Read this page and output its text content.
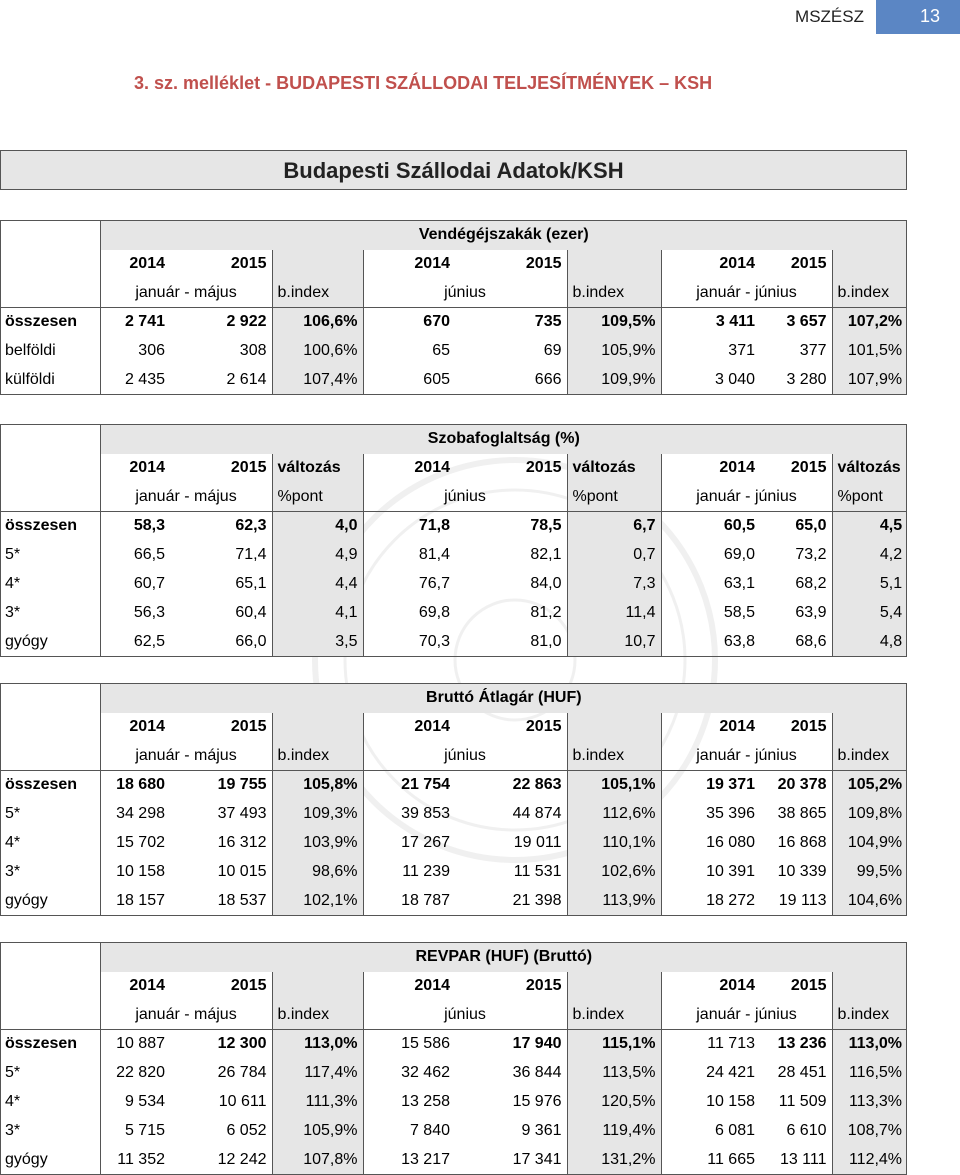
MSZÉSZ	13
3. sz. melléklet - BUDAPESTI SZÁLLODAI TELJESÍTMÉNYEK – KSH
Budapesti Szállodai Adatok/KSH
	Vendégéjszakák (ezer)								
	2014	2015		2014	2015		2014	2015	
	január - május		b.index	június		b.index	január - június		b.index
összesen	2 741	2 922	106,6%	670	735	109,5%	3 411	3 657	107,2%
belföldi	306	308	100,6%	65	69	105,9%	371	377	101,5%
külföldi	2 435	2 614	107,4%	605	666	109,9%	3 040	3 280	107,9%
	Szobafoglaltság (%)								
	2014	2015	változás	2014	2015	változás	2014	2015	változás
	január - május		%pont	június		%pont	január - június		%pont
összesen	58,3	62,3	4,0	71,8	78,5	6,7	60,5	65,0	4,5
5*	66,5	71,4	4,9	81,4	82,1	0,7	69,0	73,2	4,2
4*	60,7	65,1	4,4	76,7	84,0	7,3	63,1	68,2	5,1
3*	56,3	60,4	4,1	69,8	81,2	11,4	58,5	63,9	5,4
gyógy	62,5	66,0	3,5	70,3	81,0	10,7	63,8	68,6	4,8
	Bruttó Átlagár (HUF)								
	2014	2015		2014	2015		2014	2015	
	január - május		b.index	június		b.index	január - június		b.index
összesen	18 680	19 755	105,8%	21 754	22 863	105,1%	19 371	20 378	105,2%
5*	34 298	37 493	109,3%	39 853	44 874	112,6%	35 396	38 865	109,8%
4*	15 702	16 312	103,9%	17 267	19 011	110,1%	16 080	16 868	104,9%
3*	10 158	10 015	98,6%	11 239	11 531	102,6%	10 391	10 339	99,5%
gyógy	18 157	18 537	102,1%	18 787	21 398	113,9%	18 272	19 113	104,6%
	REVPAR (HUF) (Bruttó)								
	2014	2015		2014	2015		2014	2015	
	január - május		b.index	június		b.index	január - június		b.index
összesen	10 887	12 300	113,0%	15 586	17 940	115,1%	11 713	13 236	113,0%
5*	22 820	26 784	117,4%	32 462	36 844	113,5%	24 421	28 451	116,5%
4*	9 534	10 611	111,3%	13 258	15 976	120,5%	10 158	11 509	113,3%
3*	5 715	6 052	105,9%	7 840	9 361	119,4%	6 081	6 610	108,7%
gyógy	11 352	12 242	107,8%	13 217	17 341	131,2%	11 665	13 111	112,4%
